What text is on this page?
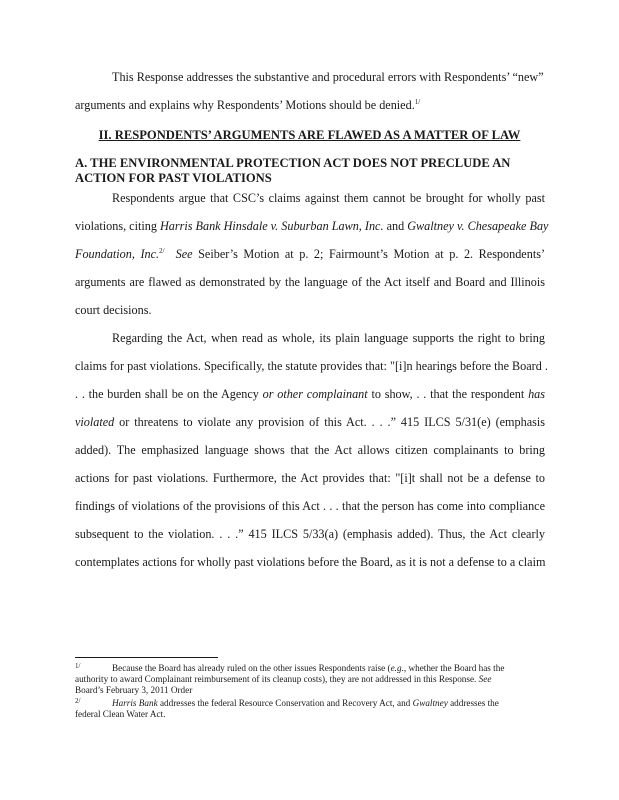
This Response addresses the substantive and procedural errors with Respondents’ “new”
arguments and explains why Respondents’ Motions should be denied.$^{1/}$
II. RESPONDENTS’ ARGUMENTS ARE FLAWED AS A MATTER OF LAW
A. THE ENVIRONMENTAL PROTECTION ACT DOES NOT PRECLUDE AN
ACTION FOR PAST VIOLATIONS
Respondents argue that CSC’s claims against them cannot be brought for wholly past
violations, citing Harris Bank Hinsdale v. Suburban Lawn, Inc. and Gwaltney v. Chesapeake Bay
Foundation, Inc.$^{2/}$ See Seiber’s Motion at p. 2; Fairmount’s Motion at p. 2. Respondents’
arguments are flawed as demonstrated by the language of the Act itself and Board and Illinois
court decisions.
Regarding the Act, when read as whole, its plain language supports the right to bring
claims for past violations. Specifically, the statute provides that: "[i]n hearings before the Board .
. . the burden shall be on the Agency or other complainant to show, . . that the respondent has
violated or threatens to violate any provision of this Act. . . .” 415 ILCS 5/31(e) (emphasis
added). The emphasized language shows that the Act allows citizen complainants to bring
actions for past violations. Furthermore, the Act provides that: "[i]t shall not be a defense to
findings of violations of the provisions of this Act . . . that the person has come into compliance
subsequent to the violation. . . .” 415 ILCS 5/33(a) (emphasis added). Thus, the Act clearly
contemplates actions for wholly past violations before the Board, as it is not a defense to a claim
1/	Because the Board has already ruled on the other issues Respondents raise (e.g., whether the Board has the
authority to award Complainant reimbursement of its cleanup costs), they are not addressed in this Response. See
Board’s February 3, 2011 Order
2/	Harris Bank addresses the federal Resource Conservation and Recovery Act, and Gwaltney addresses the
federal Clean Water Act.
